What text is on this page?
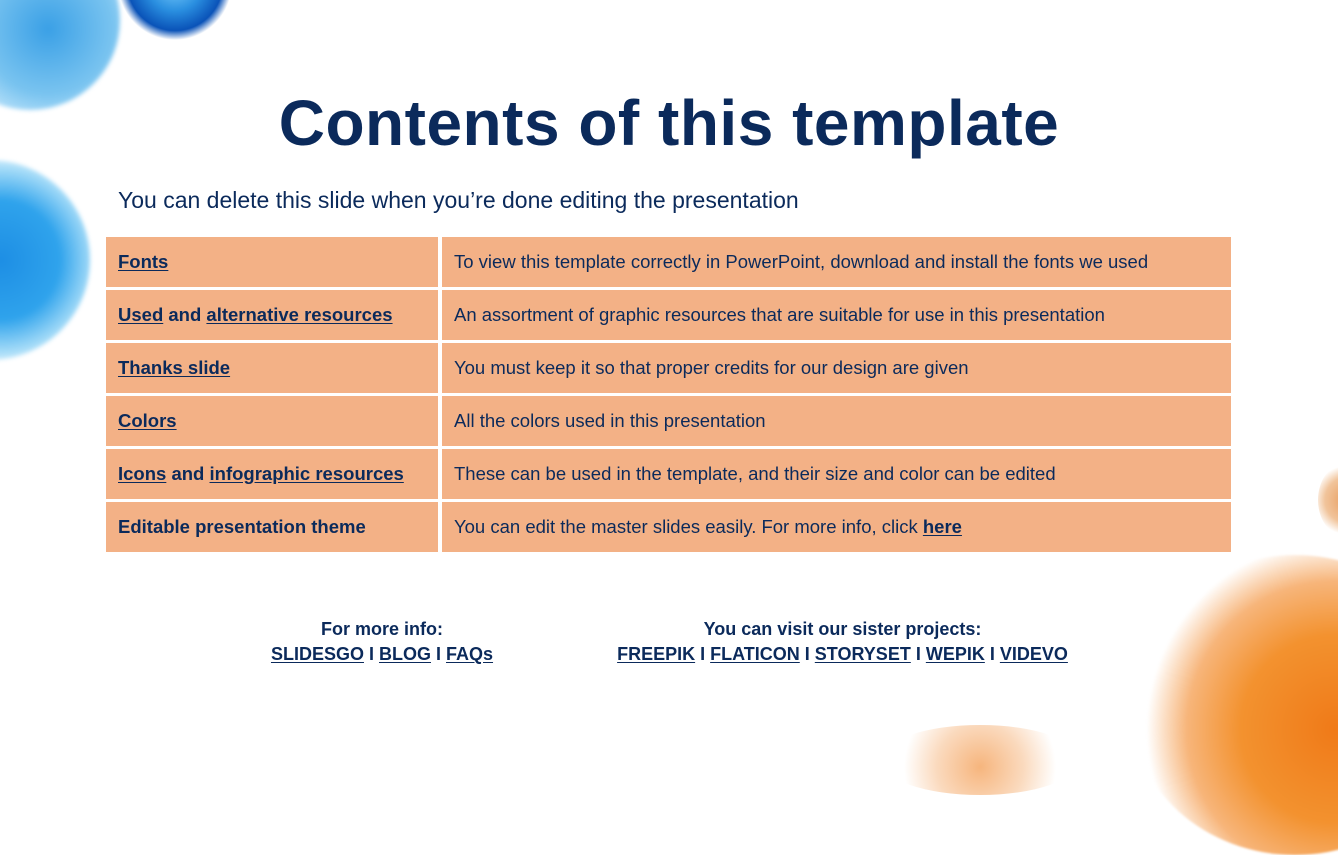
Contents of this template

You can delete this slide when you’re done editing the presentation

Fonts	To view this template correctly in PowerPoint, download and install the fonts we used
Used and alternative resources	An assortment of graphic resources that are suitable for use in this presentation
Thanks slide	You must keep it so that proper credits for our design are given
Colors	All the colors used in this presentation
Icons and infographic resources	These can be used in the template, and their size and color can be edited
Editable presentation theme	You can edit the master slides easily. For more info, click here
For more info:
SLIDESGO I BLOG I FAQs
You can visit our sister projects:
FREEPIK I FLATICON I STORYSET I WEPIK I VIDEVO
